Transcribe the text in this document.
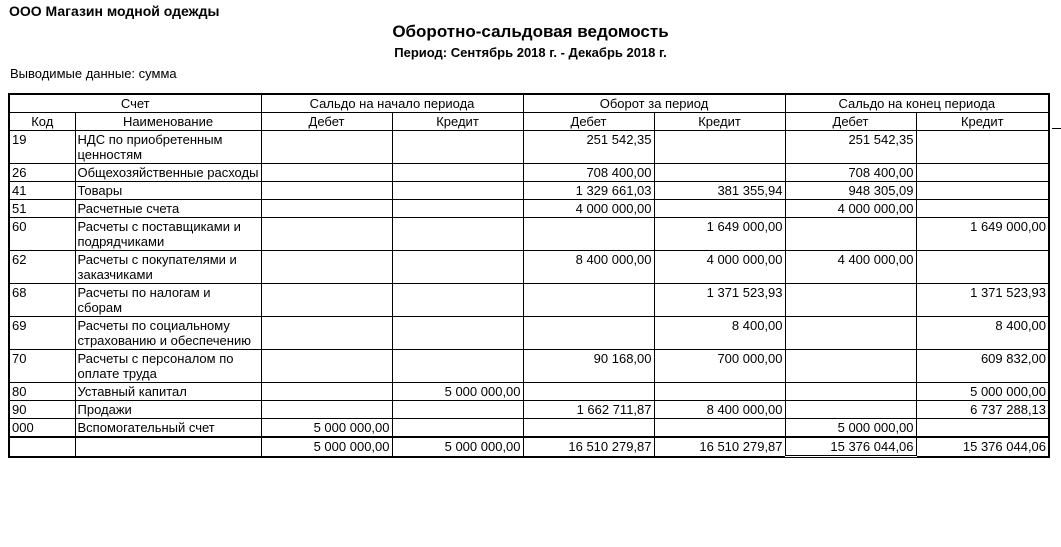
ООО Магазин модной одежды
Оборотно-сальдовая ведомость
Период: Сентябрь 2018 г. - Декабрь 2018 г.
Выводимые данные: сумма
Счет		Сальдо на начало периода		Оборот за период		Сальдо на конец периода	
Код	Наименование	Дебет	Кредит	Дебет	Кредит	Дебет	Кредит
19	НДС по приобретенным ценностям			251 542,35		251 542,35	
26	Общехозяйственные расходы			708 400,00		708 400,00	
41	Товары			1 329 661,03	381 355,94	948 305,09	
51	Расчетные счета			4 000 000,00		4 000 000,00	
60	Расчеты с поставщиками и подрядчиками				1 649 000,00		1 649 000,00
62	Расчеты с покупателями и заказчиками			8 400 000,00	4 000 000,00	4 400 000,00	
68	Расчеты по налогам и сборам				1 371 523,93		1 371 523,93
69	Расчеты по социальному страхованию и обеспечению				8 400,00		8 400,00
70	Расчеты с персоналом по оплате труда			90 168,00	700 000,00		609 832,00
80	Уставный капитал		5 000 000,00				5 000 000,00
90	Продажи			1 662 711,87	8 400 000,00		6 737 288,13
000	Вспомогательный счет	5 000 000,00				5 000 000,00	
		5 000 000,00	5 000 000,00	16 510 279,87	16 510 279,87	15 376 044,06	15 376 044,06
